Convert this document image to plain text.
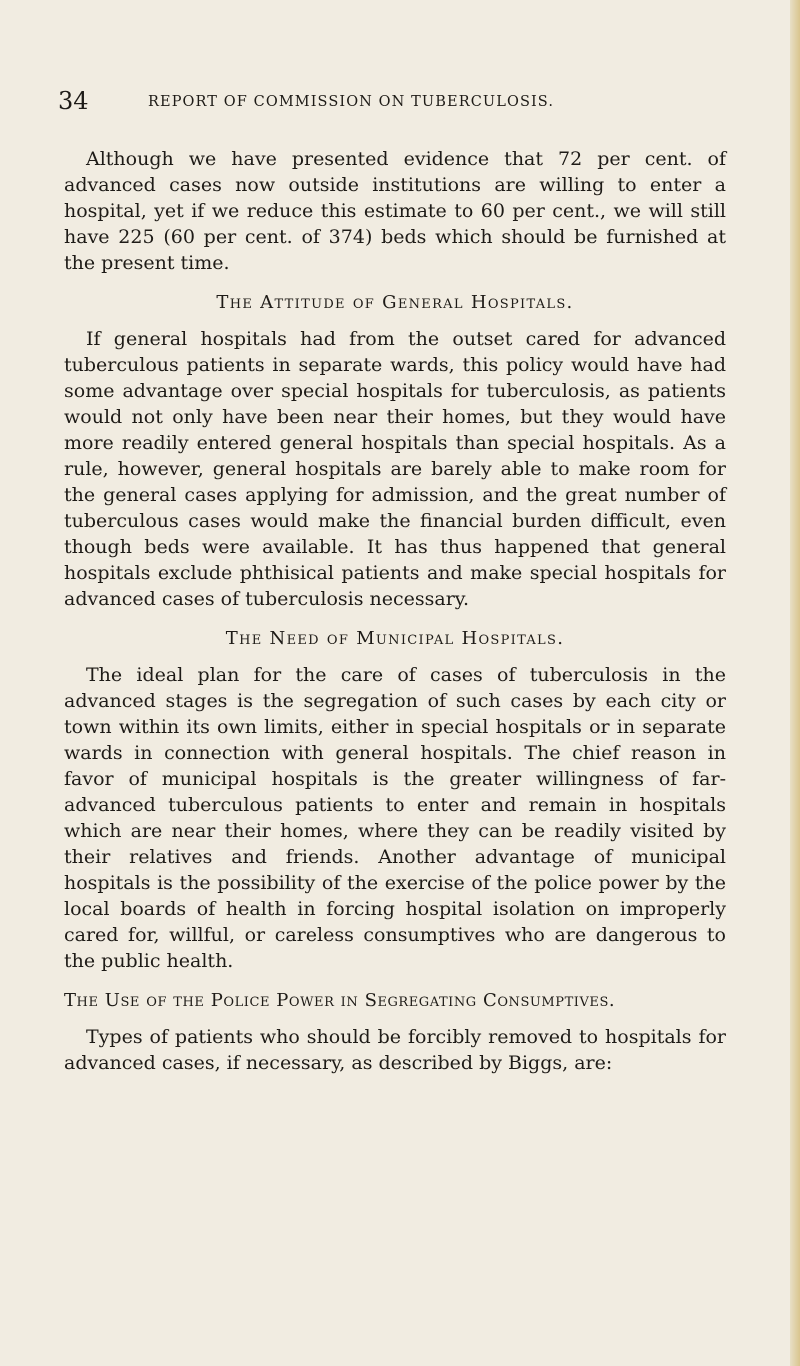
34	REPORT OF COMMISSION ON TUBERCULOSIS.

Although we have presented evidence that 72 per cent. of advanced cases now outside institutions are willing to enter a hospital, yet if we reduce this estimate to 60 per cent., we will still have 225 (60 per cent. of 374) beds which should be furnished at the present time.

The Attitude of General Hospitals.

If general hospitals had from the outset cared for advanced tuberculous patients in separate wards, this policy would have had some advantage over special hospitals for tuberculosis, as patients would not only have been near their homes, but they would have more readily entered general hospitals than special hospitals. As a rule, however, general hospitals are barely able to make room for the general cases applying for admission, and the great number of tuberculous cases would make the financial burden difficult, even though beds were available. It has thus happened that general hospitals exclude phthisical patients and make special hospitals for advanced cases of tuberculosis necessary.

The Need of Municipal Hospitals.

The ideal plan for the care of cases of tuberculosis in the advanced stages is the segregation of such cases by each city or town within its own limits, either in special hospitals or in separate wards in connection with general hospitals. The chief reason in favor of municipal hospitals is the greater willingness of far-advanced tuberculous patients to enter and remain in hospitals which are near their homes, where they can be readily visited by their relatives and friends. Another advantage of municipal hospitals is the possibility of the exercise of the police power by the local boards of health in forcing hospital isolation on improperly cared for, willful, or careless consumptives who are dangerous to the public health.

The Use of the Police Power in Segregating Consumptives.

Types of patients who should be forcibly removed to hospitals for advanced cases, if necessary, as described by Biggs, are:
